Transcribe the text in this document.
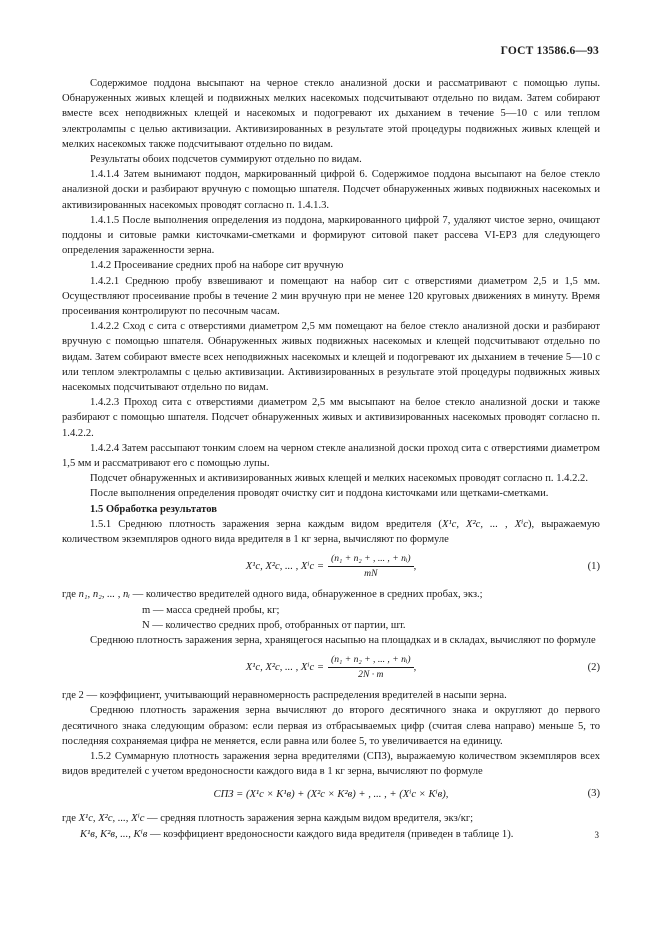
ГОСТ 13586.6—93

Содержимое поддона высыпают на черное стекло анализной доски и рассматривают с помощью лупы. Обнаруженных живых клещей и подвижных мелких насекомых подсчитывают отдельно по видам. Затем собирают вместе всех неподвижных клещей и насекомых и подогревают их дыханием в течение 5—10 с или теплом электролампы с целью активизации. Активизированных в результате этой процедуры подвижных живых клещей и мелких насекомых также подсчитывают отдельно по видам.

Результаты обоих подсчетов суммируют отдельно по видам.

1.4.1.4 Затем вынимают поддон, маркированный цифрой 6. Содержимое поддона высыпают на белое стекло анализной доски и разбирают вручную с помощью шпателя. Подсчет обнаруженных живых подвижных насекомых и активизированных насекомых проводят согласно п. 1.4.1.3.

1.4.1.5 После выполнения определения из поддона, маркированного цифрой 7, удаляют чистое зерно, очищают поддоны и ситовые рамки кисточками-сметками и формируют ситовой пакет рассева VI-ЕРЗ для следующего определения зараженности зерна.

1.4.2 Просеивание средних проб на наборе сит вручную

1.4.2.1 Среднюю пробу взвешивают и помещают на набор сит с отверстиями диаметром 2,5 и 1,5 мм. Осуществляют просеивание пробы в течение 2 мин вручную при не менее 120 круговых движениях в минуту. Время просеивания контролируют по песочным часам.

1.4.2.2 Сход с сита с отверстиями диаметром 2,5 мм помещают на белое стекло анализной доски и разбирают вручную с помощью шпателя. Обнаруженных живых подвижных насекомых и клещей подсчитывают отдельно по видам. Затем собирают вместе всех неподвижных насекомых и клещей и подогревают их дыханием в течение 5—10 с или теплом электролампы с целью активизации. Активизированных в результате этой процедуры подвижных живых насекомых подсчитывают отдельно по видам.

1.4.2.3 Проход сита с отверстиями диаметром 2,5 мм высыпают на белое стекло анализной доски и также разбирают с помощью шпателя. Подсчет обнаруженных живых и активизированных насекомых проводят согласно п. 1.4.2.2.

1.4.2.4 Затем рассыпают тонким слоем на черном стекле анализной доски проход сита с отверстиями диаметром 1,5 мм и рассматривают его с помощью лупы.

Подсчет обнаруженных и активизированных живых клещей и мелких насекомых проводят согласно п. 1.4.2.2.

После выполнения определения проводят очистку сит и поддона кисточками или щетками-сметками.

1.5 Обработка результатов

1.5.1 Среднюю плотность заражения зерна каждым видом вредителя (X¹c, X²c, ... , Xⁱc), выражаемую количеством экземпляров одного вида вредителя в 1 кг зерна, вычисляют по формуле

X¹c, X²c, ... , $X^ic = \frac{\text{(n₁ + n₂ + , ... , + nᵢ)}}{mN}$ ,	(1)

где n₁, n₂, ... , nᵢ — количество вредителей одного вида, обнаруженное в средних пробах, экз.;

m — масса средней пробы, кг;

N — количество средних проб, отобранных от партии, шт.

Среднюю плотность заражения зерна, хранящегося насыпью на площадках и в складах, вычисляют по формуле

X¹c, X²c, ... , $X^ic = \frac{\text{(n₁ + n₂ + , ... , + nᵢ)}}{2N \cdot m}$ ,	(2)

где 2 — коэффициент, учитывающий неравномерность распределения вредителей в насыпи зерна.

Среднюю плотность заражения зерна вычисляют до второго десятичного знака и округляют до первого десятичного знака следующим образом: если первая из отбрасываемых цифр (считая слева направо) меньше 5, то последняя сохраняемая цифра не меняется, если равна или более 5, то увеличивается на единицу.

1.5.2 Суммарную плотность заражения зерна вредителями (СПЗ), выражаемую количеством экземпляров всех видов вредителей с учетом вредоносности каждого вида в 1 кг зерна, вычисляют по формуле

СПЗ = (X¹c × K¹в) + (X²c × K²в) + , ... , + (Xⁱc × Kⁱв),	(3)

где X¹c, X²c, ..., Xⁱc — средняя плотность заражения зерна каждым видом вредителя, экз/кг;

K¹в, K²в, ..., Kⁱв — коэффициент вредоносности каждого вида вредителя (приведен в таблице 1).	3
